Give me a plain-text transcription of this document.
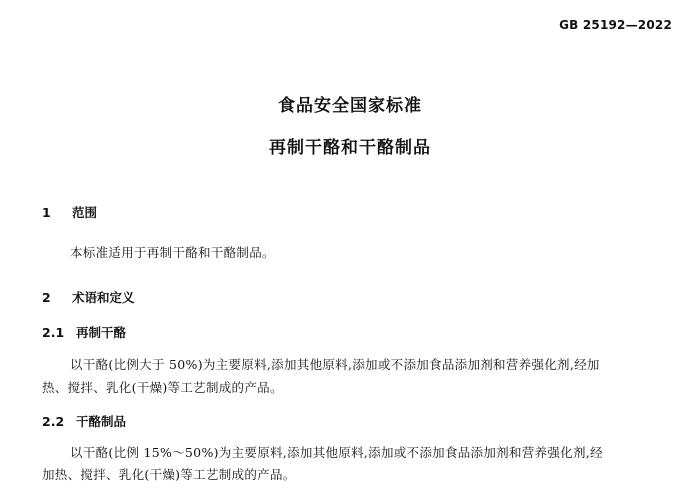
GB 25192—2022
食品安全国家标准
再制干酪和干酪制品
1	范围
本标准适用于再制干酪和干酪制品。
2	术语和定义
2.1 再制干酪
以干酪(比例大于 50%)为主要原料,添加其他原料,添加或不添加食品添加剂和营养强化剂,经加
热、搅拌、乳化(干燥)等工艺制成的产品。
2.2 干酪制品
以干酪(比例 15%～50%)为主要原料,添加其他原料,添加或不添加食品添加剂和营养强化剂,经
加热、搅拌、乳化(干燥)等工艺制成的产品。
